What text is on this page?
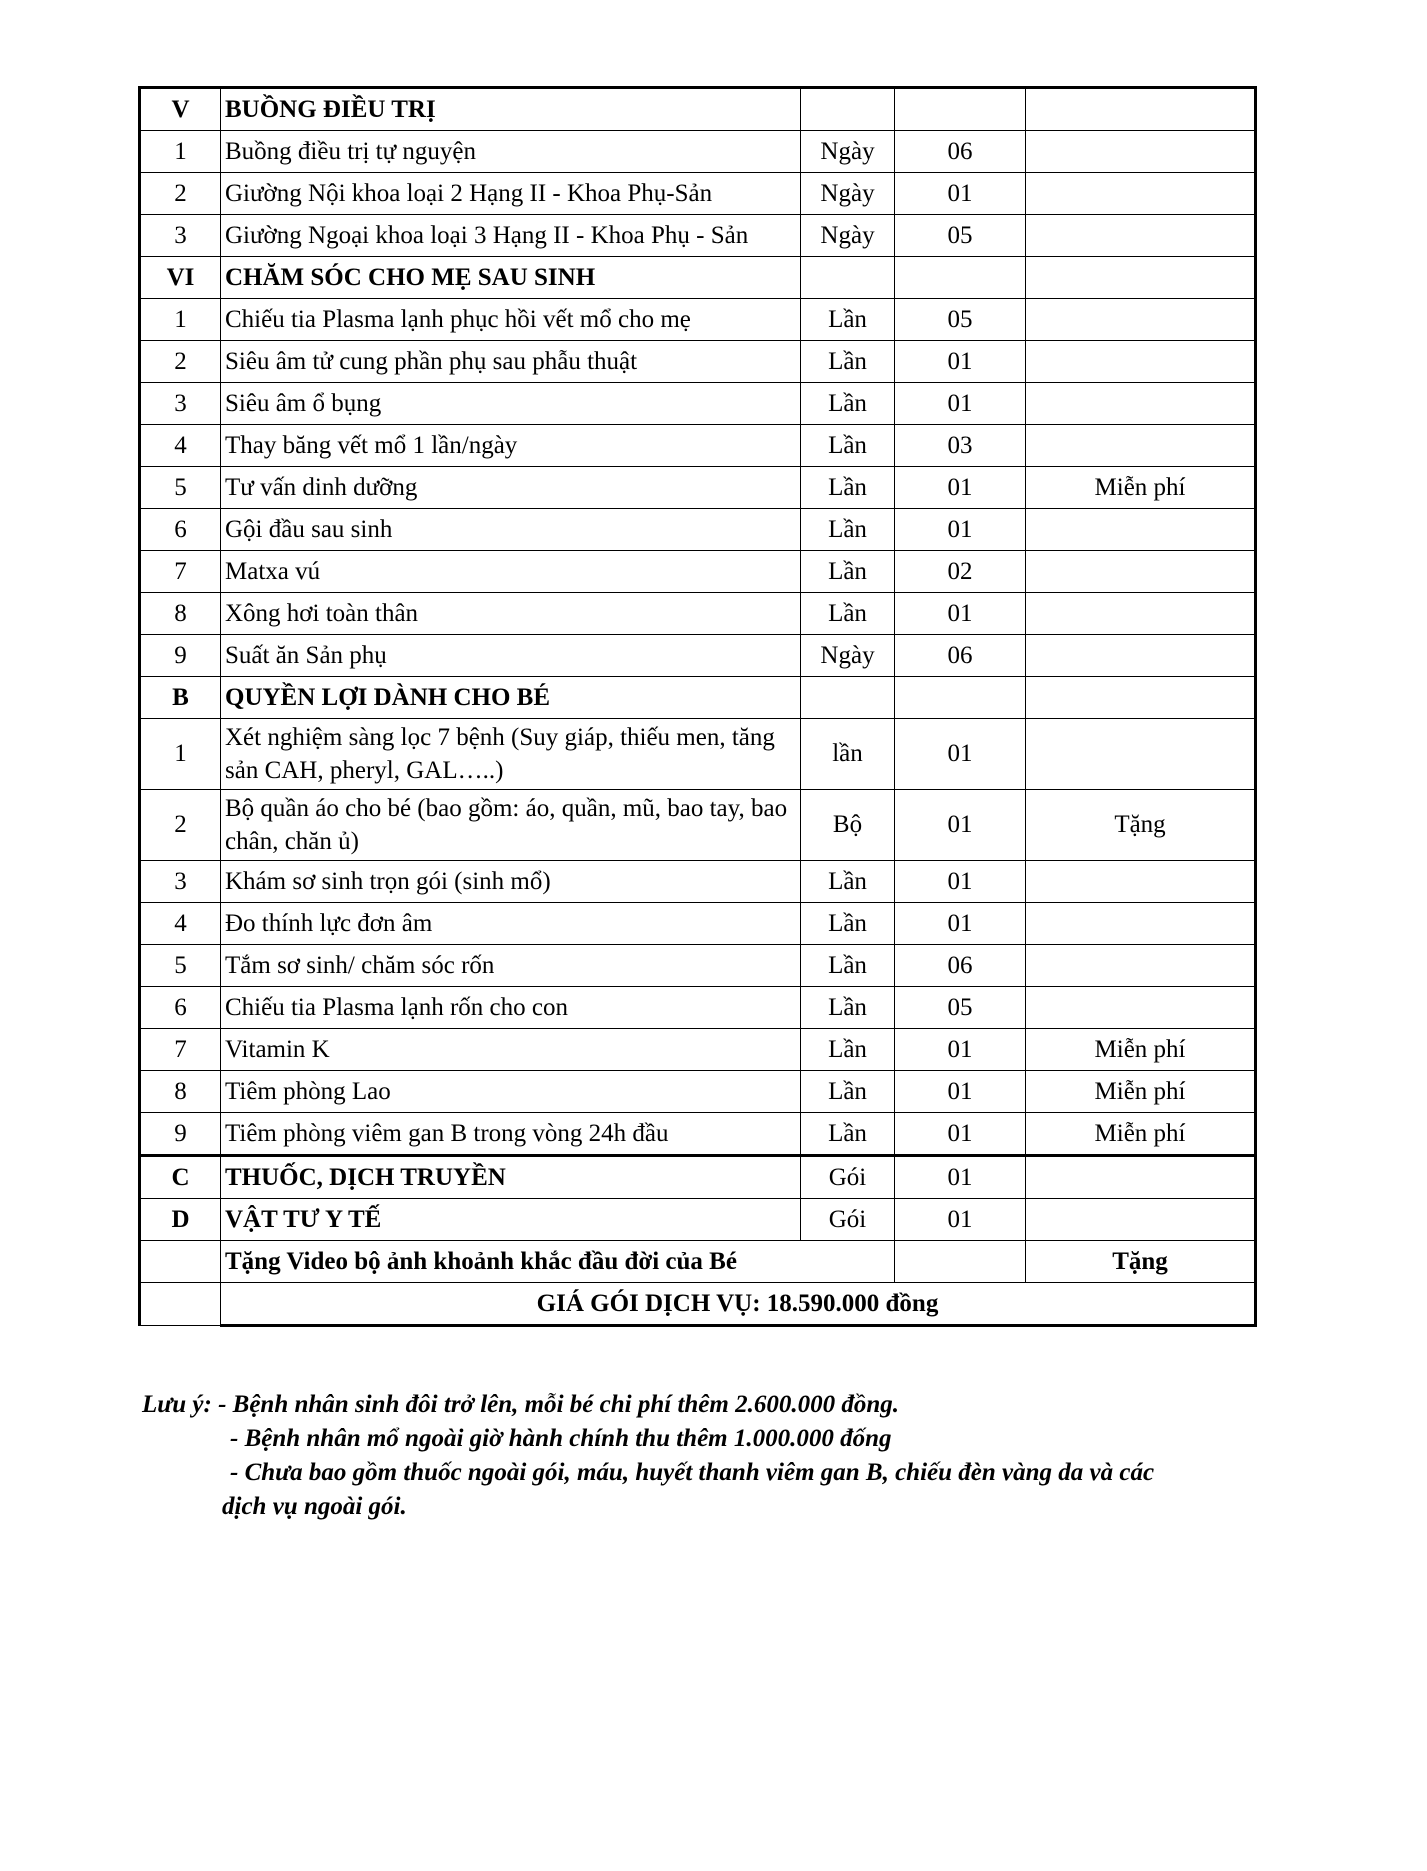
V	BUỒNG ĐIỀU TRỊ			
1	Buồng điều trị tự nguyện	Ngày	06	
2	Giường Nội khoa loại 2 Hạng II - Khoa Phụ-Sản	Ngày	01	
3	Giường Ngoại khoa loại 3 Hạng II - Khoa Phụ - Sản	Ngày	05	
VI	CHĂM SÓC CHO MẸ SAU SINH			
1	Chiếu tia Plasma lạnh phục hồi vết mổ cho mẹ	Lần	05	
2	Siêu âm tử cung phần phụ sau phẫu thuật	Lần	01	
3	Siêu âm ổ bụng	Lần	01	
4	Thay băng vết mổ 1 lần/ngày	Lần	03	
5	Tư vấn dinh dưỡng	Lần	01	Miễn phí
6	Gội đầu sau sinh	Lần	01	
7	Matxa vú	Lần	02	
8	Xông hơi toàn thân	Lần	01	
9	Suất ăn Sản phụ	Ngày	06	
B	QUYỀN LỢI DÀNH CHO BÉ			
1	Xét nghiệm sàng lọc 7 bệnh (Suy giáp, thiếu men, tăng sản CAH, pheryl, GAL…..)	lần	01	
2	Bộ quần áo cho bé (bao gồm: áo, quần, mũ, bao tay, bao chân, chăn ủ)	Bộ	01	Tặng
3	Khám sơ sinh trọn gói (sinh mổ)	Lần	01	
4	Đo thính lực đơn âm	Lần	01	
5	Tắm sơ sinh/ chăm sóc rốn	Lần	06	
6	Chiếu tia Plasma lạnh rốn cho con	Lần	05	
7	Vitamin K	Lần	01	Miễn phí
8	Tiêm phòng Lao	Lần	01	Miễn phí
9	Tiêm phòng viêm gan B trong vòng 24h đầu	Lần	01	Miễn phí
C	THUỐC, DỊCH TRUYỀN	Gói	01	
D	VẬT TƯ Y TẾ	Gói	01	
	Tặng Video bộ ảnh khoảnh khắc đầu đời của Bé			Tặng
	GIÁ GÓI DỊCH VỤ: 18.590.000 đồng			
Lưu ý: - Bệnh nhân sinh đôi trở lên, mỗi bé chi phí thêm 2.600.000 đồng.
- Bệnh nhân mổ ngoài giờ hành chính thu thêm 1.000.000 đống
- Chưa bao gồm thuốc ngoài gói, máu, huyết thanh viêm gan B, chiếu đèn vàng da và các
dịch vụ ngoài gói.
